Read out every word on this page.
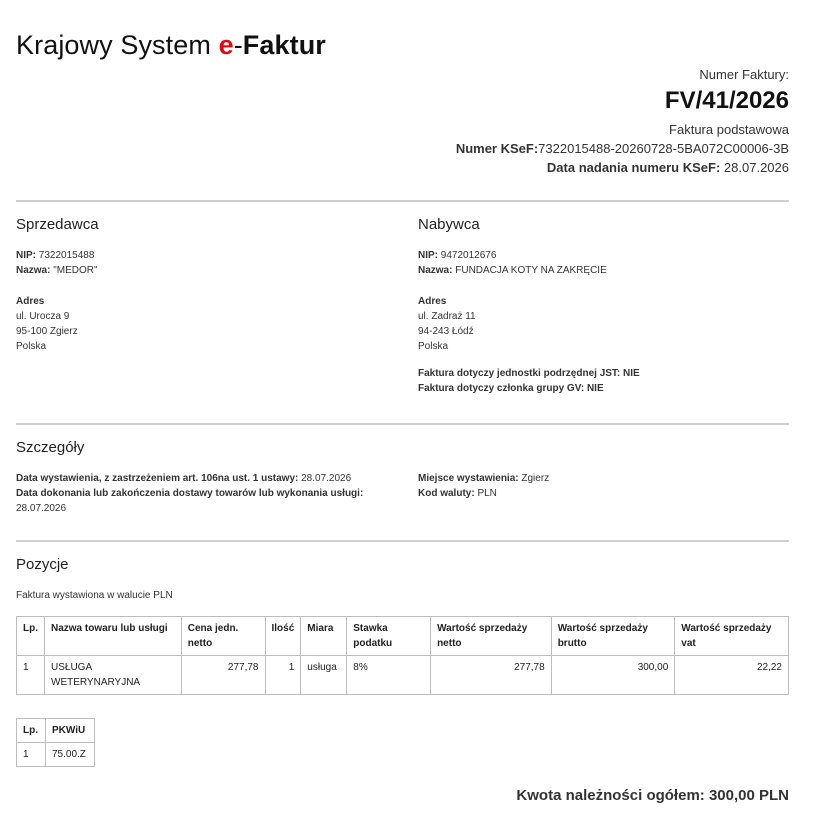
Krajowy System e-Faktur
Numer Faktury:
FV/41/2026
Faktura podstawowa
Numer KSeF:7322015488-20260728-5BA072C00006-3B
Data nadania numeru KSeF: 28.07.2026
Sprzedawca
NIP: 7322015488
Nazwa: "MEDOR"
Adres
ul. Urocza 9
95-100 Zgierz
Polska
Nabywca
NIP: 9472012676
Nazwa: FUNDACJA KOTY NA ZAKRĘCIE
Adres
ul. Zadraż 11
94-243 Łódź
Polska
Faktura dotyczy jednostki podrzędnej JST: NIE
Faktura dotyczy członka grupy GV: NIE
Szczegóły
Data wystawienia, z zastrzeżeniem art. 106na ust. 1 ustawy: 28.07.2026
Data dokonania lub zakończenia dostawy towarów lub wykonania usługi: 28.07.2026
Miejsce wystawienia: Zgierz
Kod waluty: PLN
Pozycje
Faktura wystawiona w walucie PLN
Lp.	Nazwa towaru lub usługi	Cena jedn. netto	Ilość	Miara	Stawka podatku	Wartość sprzedaży netto	Wartość sprzedaży brutto	Wartość sprzedaży vat
1	USŁUGA WETERYNARYJNA	277,78	1	usługa	8%	277,78	300,00	22,22
Lp.	PKWiU
1	75.00.Z
Kwota należności ogółem: 300,00 PLN
